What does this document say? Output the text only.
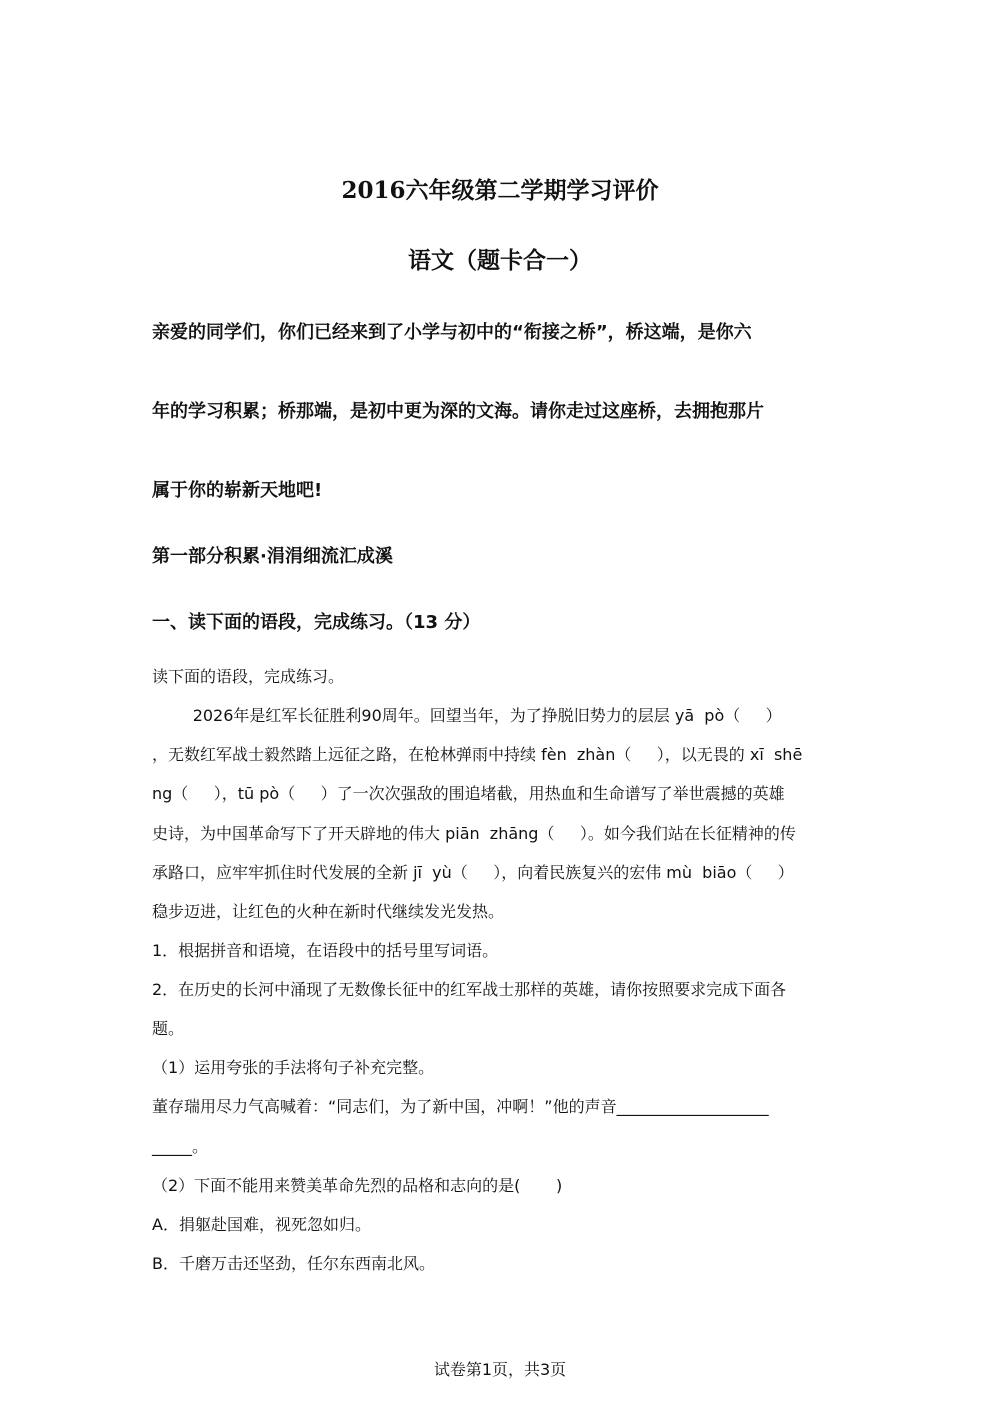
2016六年级第二学期学习评价
语文（题卡合一）
亲爱的同学们，你们已经来到了小学与初中的“衔接之桥”，桥这端，是你六
年的学习积累；桥那端，是初中更为深的文海。请你走过这座桥，去拥抱那片
属于你的崭新天地吧!
第一部分积累·涓涓细流汇成溪
一、读下面的语段，完成练习。（13 分）
读下面的语段，完成练习。
2026年是红军长征胜利90周年。回望当年，为了挣脱旧势力的层层 yā  pò（     ）
，无数红军战士毅然踏上远征之路，在枪林弹雨中持续 fèn  zhàn（     ），以无畏的 xī  shē
ng（     ），tū pò（     ）了一次次强敌的围追堵截，用热血和生命谱写了举世震撼的英雄
史诗，为中国革命写下了开天辟地的伟大 piān  zhāng（     ）。如今我们站在长征精神的传
承路口，应牢牢抓住时代发展的全新 jī  yù（     ），向着民族复兴的宏伟 mù  biāo（     ）
稳步迈进，让红色的火种在新时代继续发光发热。
1．根据拼音和语境，在语段中的括号里写词语。
2．在历史的长河中涌现了无数像长征中的红军战士那样的英雄，请你按照要求完成下面各
题。
（1）运用夸张的手法将句子补充完整。
董存瑞用尽力气高喊着：“同志们，为了新中国，冲啊！”他的声音___________________
_____。
（2）下面不能用来赞美革命先烈的品格和志向的是(       )
A．捐躯赴国难，视死忽如归。
B．千磨万击还坚劲，任尔东西南北风。
试卷第1页，共3页
